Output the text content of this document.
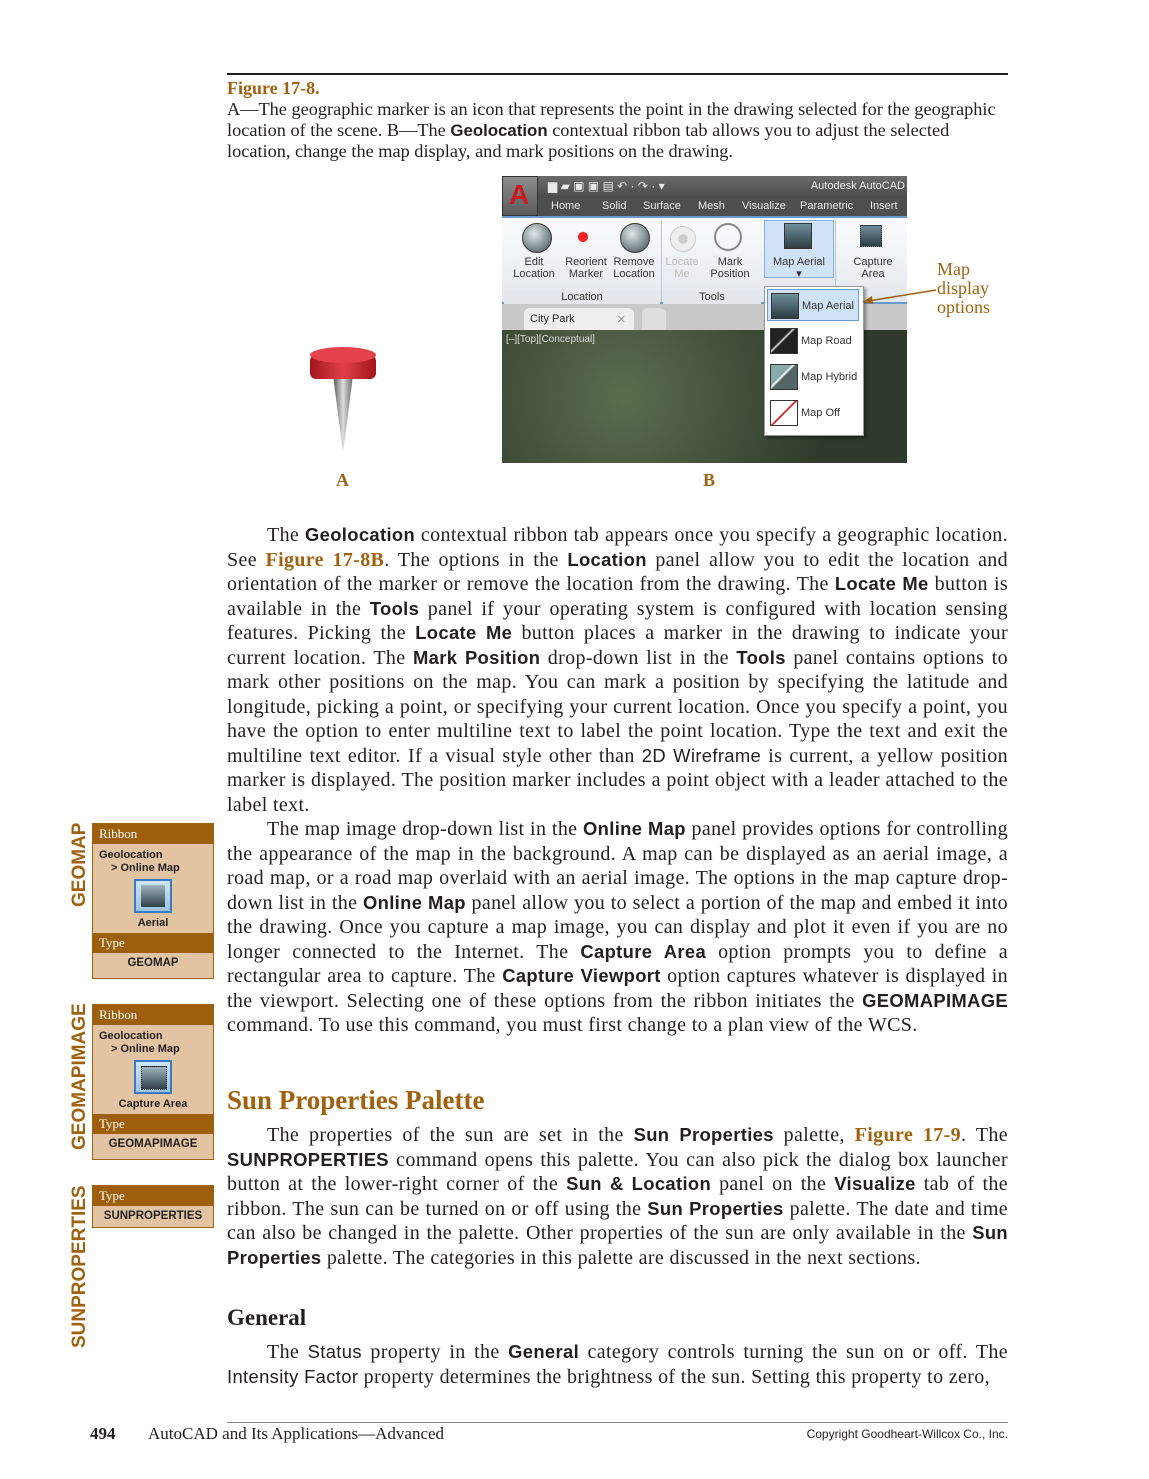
Figure 17-8.
A—The geographic marker is an icon that represents the point in the drawing selected for the geographic location of the scene. B—The Geolocation contextual ribbon tab allows you to adjust the selected location, change the map display, and mark positions on the drawing.
A	B
▆ ▰ ▣ ▣ ▤ ↶ · ↷ · ▾	Autodesk AutoCAD
Home Solid Surface Mesh Visualize Parametric Insert
A
Edit
Location
Reorient
Marker
Remove
Location
Locate
Me
Mark
Position
Map Aerial
▾
Capture
Area
Location	Tools
City Park	✕
[–][Top][Conceptual]
Map Aerial
Map Road
Map Hybrid
Map Off
Map
display
options

The Geolocation contextual ribbon tab appears once you specify a geographic location. See Figure 17-8B. The options in the Location panel allow you to edit the location and orientation of the marker or remove the location from the drawing. The Locate Me button is available in the Tools panel if your operating system is configured with location sensing features. Picking the Locate Me button places a marker in the drawing to indicate your current location. The Mark Position drop-down list in the Tools panel contains options to mark other positions on the map. You can mark a position by specifying the latitude and longitude, picking a point, or specifying your current location. Once you specify a point, you have the option to enter multiline text to label the point location. Type the text and exit the multiline text editor. If a visual style other than 2D Wireframe is current, a yellow position marker is displayed. The position marker includes a point object with a leader attached to the label text.

The map image drop-down list in the Online Map panel provides options for controlling the appearance of the map in the background. A map can be displayed as an aerial image, a road map, or a road map overlaid with an aerial image. The options in the map capture drop-down list in the Online Map panel allow you to select a portion of the map and embed it into the drawing. Once you capture a map image, you can display and plot it even if you are no longer connected to the Internet. The Capture Area option prompts you to define a rectangular area to capture. The Capture Viewport option captures whatever is displayed in the viewport. Selecting one of these options from the ribbon initiates the GEOMAPIMAGE command. To use this command, you must first change to a plan view of the WCS.

Sun Properties Palette

The properties of the sun are set in the Sun Properties palette, Figure 17-9. The SUNPROPERTIES command opens this palette. You can also pick the dialog box launcher button at the lower-right corner of the Sun & Location panel on the Visualize tab of the ribbon. The sun can be turned on or off using the Sun Properties palette. The date and time can also be changed in the palette. Other properties of the sun are only available in the Sun Properties palette. The categories in this palette are discussed in the next sections.

General

The Status property in the General category controls turning the sun on or off. The Intensity Factor property determines the brightness of the sun. Setting this property to zero,

GEOMAP Ribbon
Geolocation
> Online Map
Aerial
Type
GEOMAP
GEOMAPIMAGE Ribbon
Geolocation
> Online Map
Capture Area
Type
GEOMAPIMAGE
SUNPROPERTIES Type
SUNPROPERTIES
494 AutoCAD and Its Applications—Advanced	Copyright Goodheart-Willcox Co., Inc.
